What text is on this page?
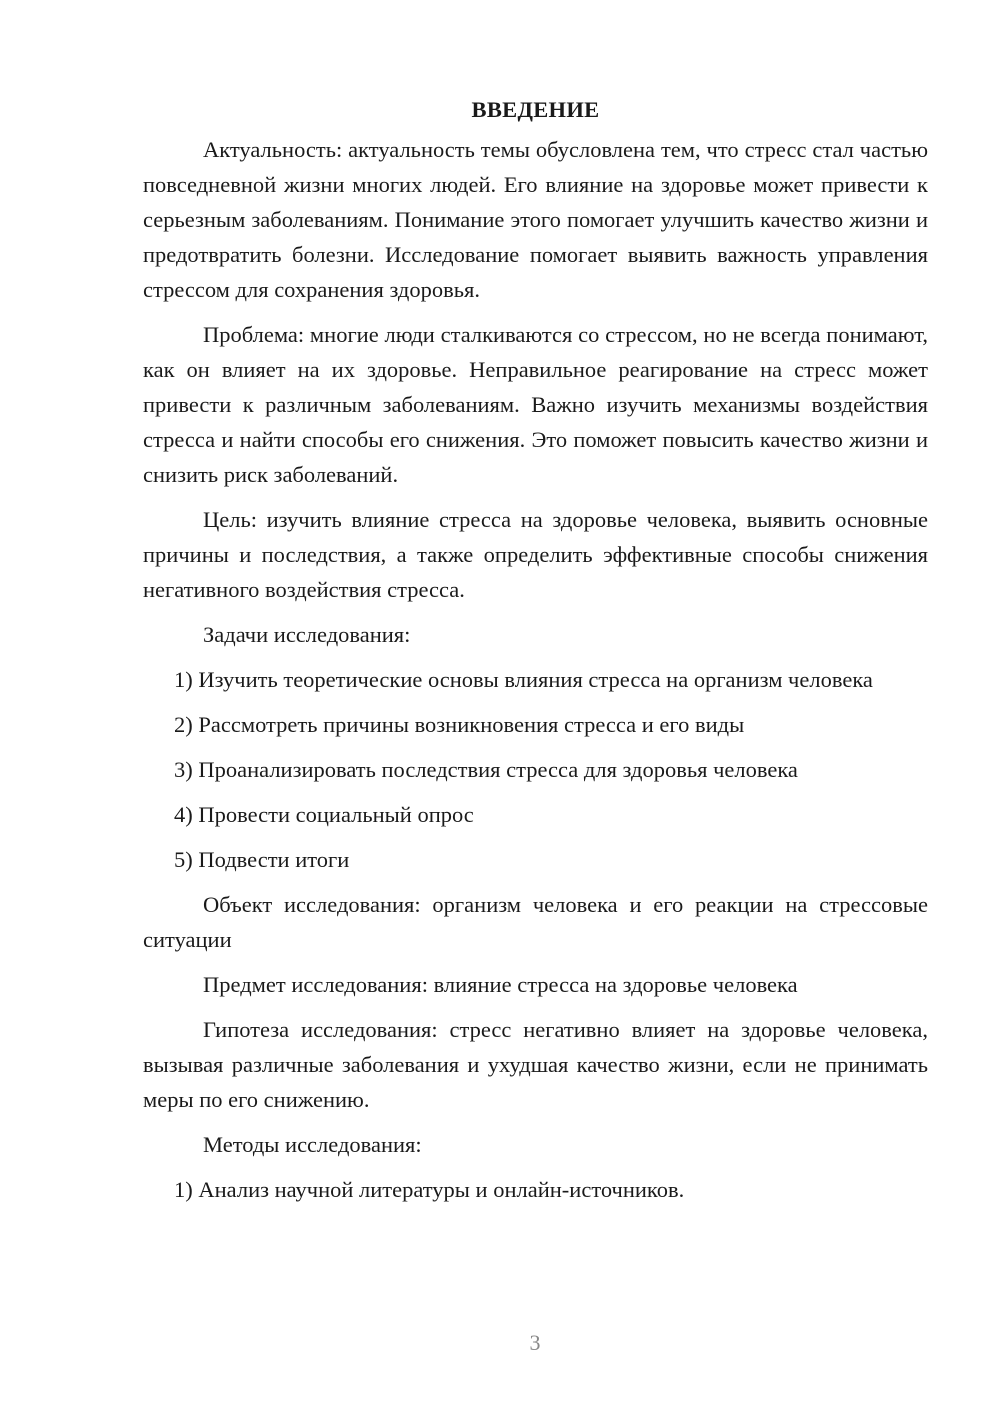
ВВЕДЕНИЕ

Актуальность: актуальность темы обусловлена тем, что стресс стал частью повседневной жизни многих людей. Его влияние на здоровье может привести к серьезным заболеваниям. Понимание этого помогает улучшить качество жизни и предотвратить болезни. Исследование помогает выявить важность управления стрессом для сохранения здоровья.

Проблема: многие люди сталкиваются со стрессом, но не всегда понимают, как он влияет на их здоровье. Неправильное реагирование на стресс может привести к различным заболеваниям. Важно изучить механизмы воздействия стресса и найти способы его снижения. Это поможет повысить качество жизни и снизить риск заболеваний.

Цель: изучить влияние стресса на здоровье человека, выявить основные причины и последствия, а также определить эффективные способы снижения негативного воздействия стресса.

Задачи исследования:

1) Изучить теоретические основы влияния стресса на организм человека

2) Рассмотреть причины возникновения стресса и его виды

3) Проанализировать последствия стресса для здоровья человека

4) Провести социальный опрос

5) Подвести итоги

Объект исследования: организм человека и его реакции на стрессовые ситуации

Предмет исследования: влияние стресса на здоровье человека

Гипотеза исследования: стресс негативно влияет на здоровье человека, вызывая различные заболевания и ухудшая качество жизни, если не принимать меры по его снижению.

Методы исследования:

1) Анализ научной литературы и онлайн-источников.

3
